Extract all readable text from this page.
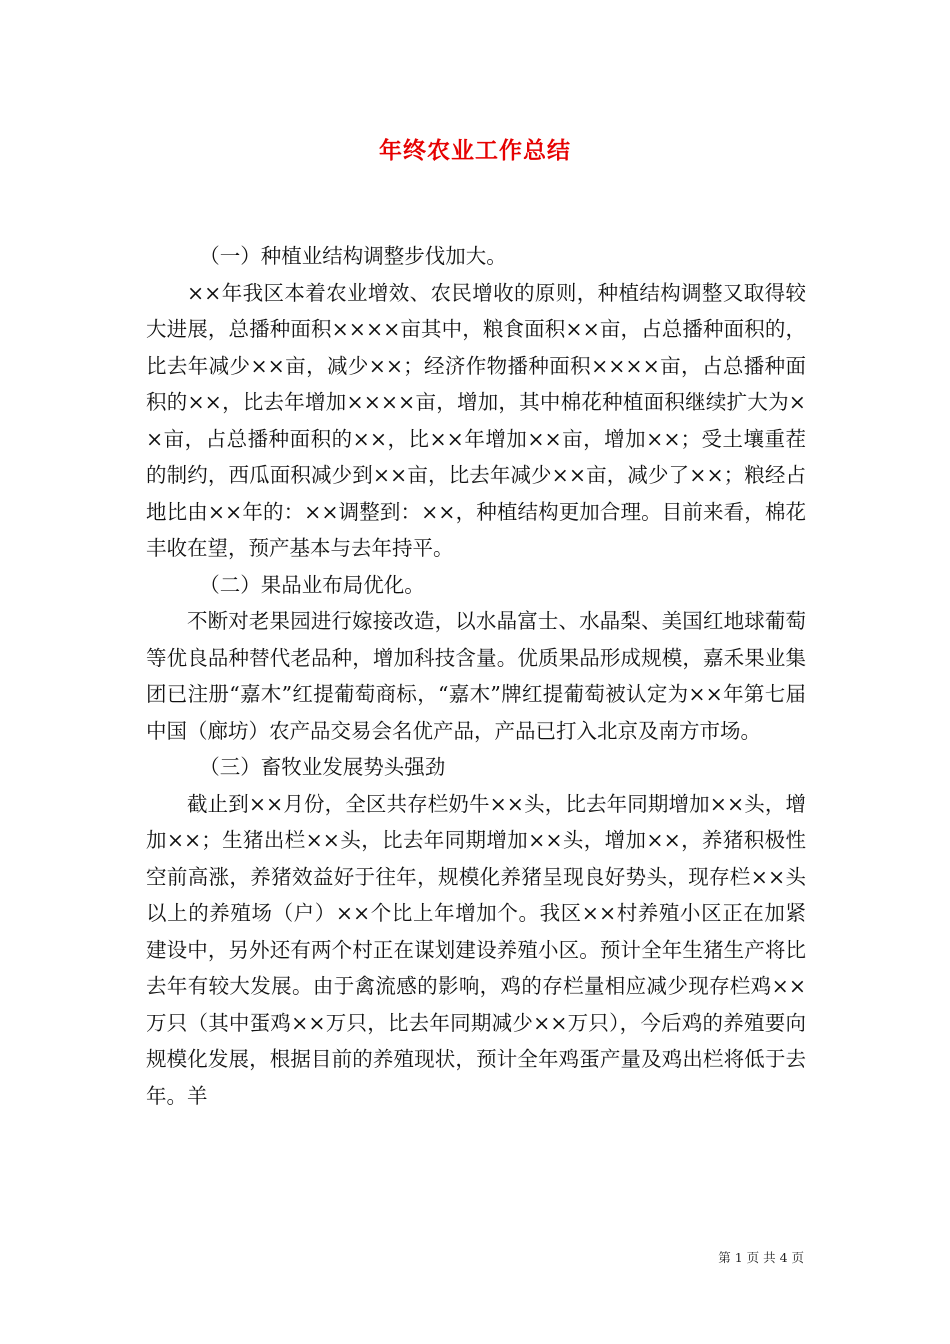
年终农业工作总结

（一）种植业结构调整步伐加大。

××年我区本着农业增效、农民增收的原则，种植结构调整又取得较大进展，总播种面积××××亩其中，粮食面积××亩，占总播种面积的，比去年减少××亩，减少××；经济作物播种面积××××亩，占总播种面积的××，比去年增加××××亩，增加，其中棉花种植面积继续扩大为××亩，占总播种面积的××，比××年增加××亩，增加××；受土壤重茬的制约，西瓜面积减少到××亩，比去年减少××亩，减少了××；粮经占地比由××年的：××调整到：××，种植结构更加合理。目前来看，棉花丰收在望，预产基本与去年持平。

（二）果品业布局优化。

不断对老果园进行嫁接改造，以水晶富士、水晶梨、美国红地球葡萄等优良品种替代老品种，增加科技含量。优质果品形成规模，嘉禾果业集团已注册“嘉木”红提葡萄商标，“嘉木”牌红提葡萄被认定为××年第七届中国（廊坊）农产品交易会名优产品，产品已打入北京及南方市场。

（三）畜牧业发展势头强劲

截止到××月份，全区共存栏奶牛××头，比去年同期增加××头，增加××；生猪出栏××头，比去年同期增加××头，增加××，养猪积极性空前高涨，养猪效益好于往年，规模化养猪呈现良好势头，现存栏××头以上的养殖场（户）××个比上年增加个。我区××村养殖小区正在加紧建设中，另外还有两个村正在谋划建设养殖小区。预计全年生猪生产将比去年有较大发展。由于禽流感的影响，鸡的存栏量相应减少现存栏鸡××万只（其中蛋鸡××万只，比去年同期减少××万只），今后鸡的养殖要向规模化发展，根据目前的养殖现状，预计全年鸡蛋产量及鸡出栏将低于去年。羊

第 1 页 共 4 页
